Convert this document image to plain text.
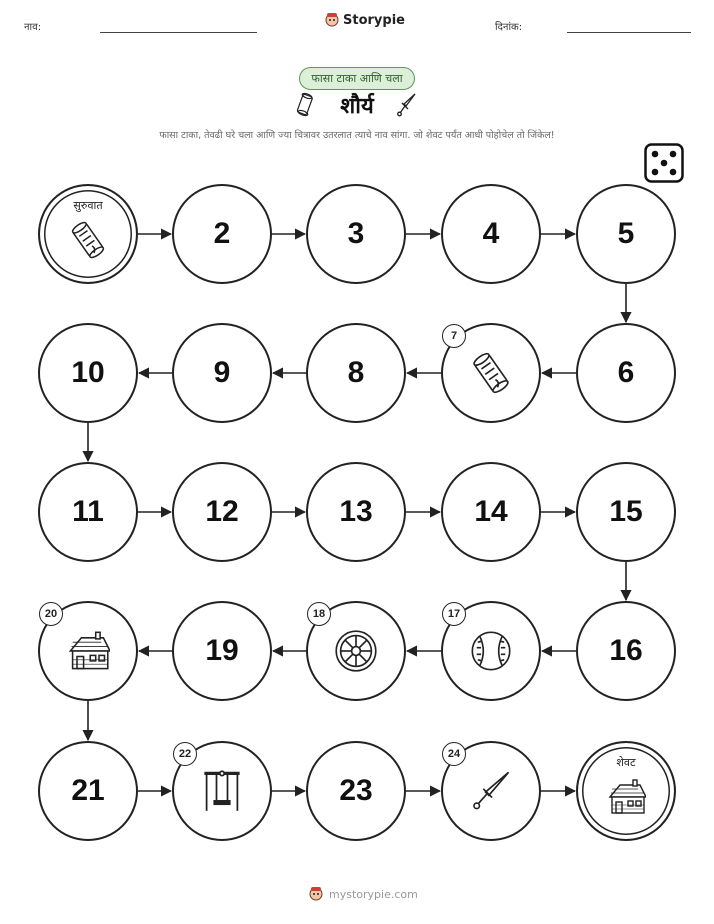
नाव:	Storypie	दिनांक:
फासा टाका आणि चला
शौर्य
फासा टाका, तेवढी घरे चला आणि ज्या चित्रावर उतरलात त्याचे नाव सांगा. जो शेवट पर्यंत आधी पोहोचेल तो जिंकेल!
सुरुवात
2	3	4	5
6
7
8
9
10
11	12	13	14	15
16
17
18
19
20
21
22
23
24
शेवट
mystorypie.com
